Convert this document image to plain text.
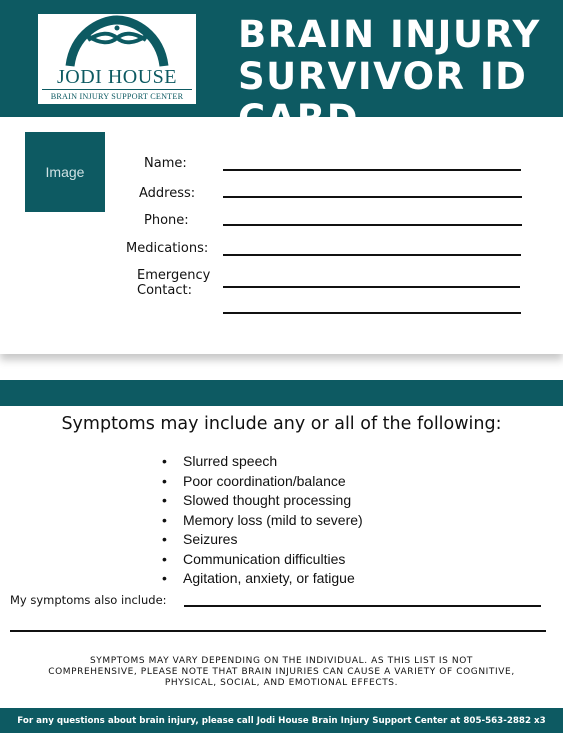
JODI HOUSE
BRAIN INJURY SUPPORT CENTER
BRAIN INJURY
SURVIVOR ID
Image
Name:
Address:
Phone:
Medications:
Emergency
Contact:
Symptoms may include any or all of the following:
• Slurred speech
• Poor coordination/balance
• Slowed thought processing
• Memory loss (mild to severe)
• Seizures
• Communication difficulties
• Agitation, anxiety, or fatigue
My symptoms also include:
SYMPTOMS MAY VARY DEPENDING ON THE INDIVIDUAL. AS THIS LIST IS NOT
COMPREHENSIVE, PLEASE NOTE THAT BRAIN INJURIES CAN CAUSE A VARIETY OF COGNITIVE,
PHYSICAL, SOCIAL, AND EMOTIONAL EFFECTS.
For any questions about brain injury, please call Jodi House Brain Injury Support Center at 805-563-2882 x3
